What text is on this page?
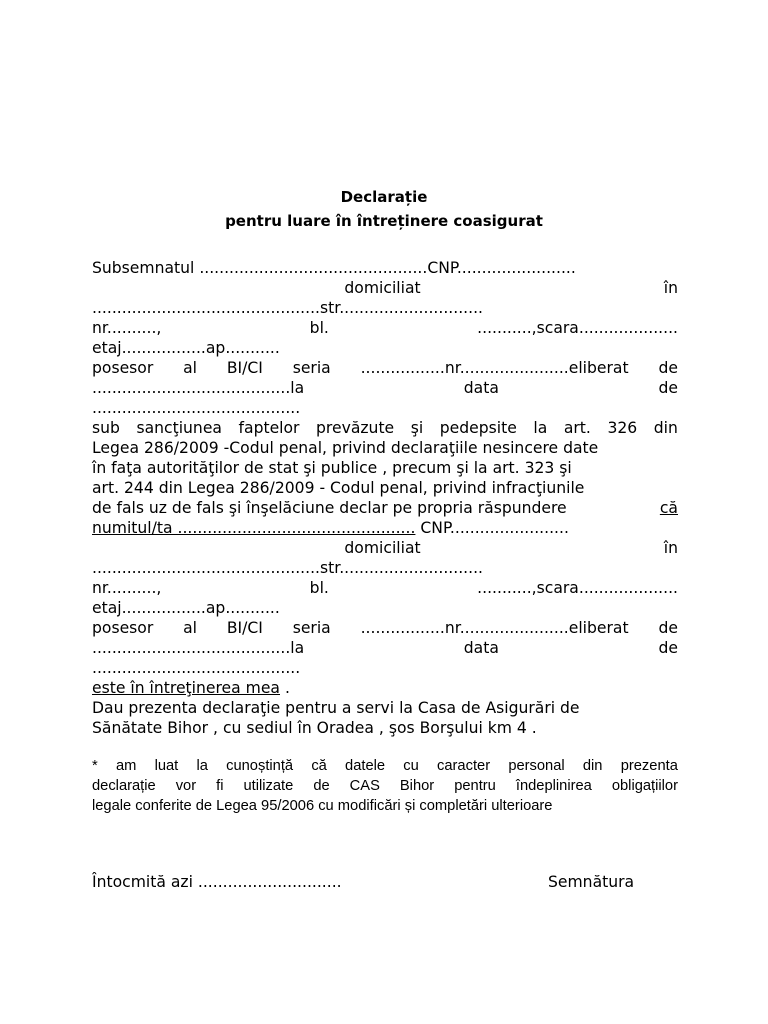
Declarație
pentru luare în întreținere coasigurat
Subsemnatul ..............................................CNP........................
domiciliat	în
..............................................str.............................
nr..........,	bl.	...........,scara....................
etaj.................ap...........
posesor al BI/CI seria .................nr......................eliberat de
........................................la	data	de
..........................................
sub sancţiunea faptelor prevăzute şi pedepsite la art. 326 din
Legea 286/2009 -Codul penal, privind declaraţiile nesincere date
în faţa autorităţilor de stat şi publice , precum şi la art. 323 şi
art. 244 din Legea 286/2009 - Codul penal, privind infracţiunile
de fals uz de fals şi înşelăciune declar pe propria răspundere	că
numitul/ta ................................................ CNP........................
domiciliat	în
..............................................str.............................
nr..........,	bl.	...........,scara....................
etaj.................ap...........
posesor al BI/CI seria .................nr......................eliberat de
........................................la	data	de
..........................................
este în întreţinerea mea .
Dau prezenta declaraţie pentru a servi la Casa de Asigurări de
Sănătate Bihor , cu sediul în Oradea , şos Borşului km 4 .
* am luat la cunoștință că datele cu caracter personal din prezenta
declarație vor fi utilizate de CAS Bihor pentru îndeplinirea obligațiilor
legale conferite de Legea 95/2006 cu modificări și completări ulterioare
Întocmită azi .............................	Semnătura
